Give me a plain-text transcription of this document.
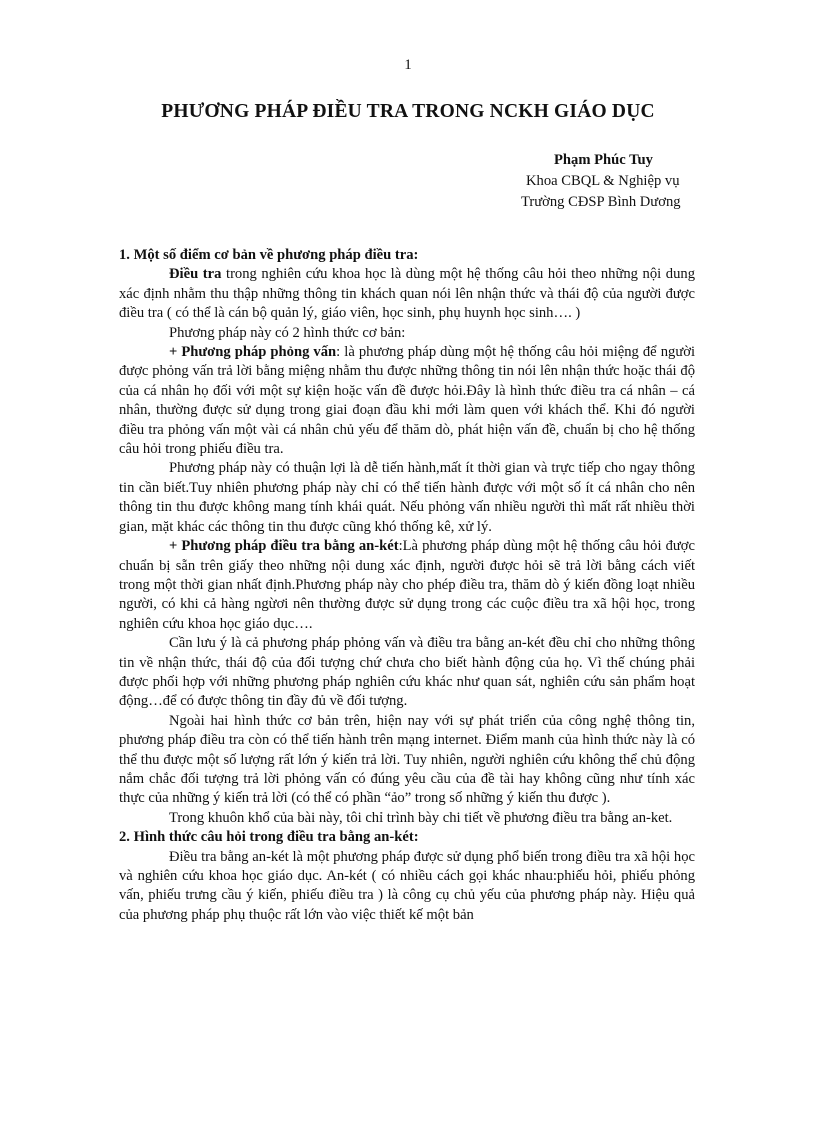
1
PHƯƠNG PHÁP ĐIỀU TRA TRONG NCKH GIÁO DỤC
Phạm Phúc Tuy
Khoa CBQL & Nghiệp vụ
Trường CĐSP Bình Dương

1. Một số điểm cơ bản về phương pháp điều tra:

Điều tra trong nghiên cứu khoa học là dùng một hệ thống câu hỏi theo những nội dung xác định nhằm thu thập những thông tin khách quan nói lên nhận thức và thái độ của người được điều tra ( có thể là cán bộ quản lý, giáo viên, học sinh, phụ huynh học sinh…. )

Phương pháp này có 2 hình thức cơ bản:

+ Phương pháp phỏng vấn: là phương pháp dùng một hệ thống câu hỏi miệng để người được phỏng vấn trả lời bằng miệng nhằm thu được những thông tin nói lên nhận thức hoặc thái độ của cá nhân họ đối với một sự kiện hoặc vấn đề được hỏi.Đây là hình thức điều tra cá nhân – cá nhân, thường được sử dụng trong giai đoạn đầu khi mới làm quen với khách thể. Khi đó người điều tra phỏng vấn một vài cá nhân chủ yếu để thăm dò, phát hiện vấn đề, chuẩn bị cho hệ thống câu hỏi trong phiếu điều tra.

Phương pháp này có thuận lợi là dễ tiến hành,mất ít thời gian và trực tiếp cho ngay thông tin cần biết.Tuy nhiên phương pháp này chỉ có thể tiến hành được với một số ít cá nhân cho nên thông tin thu được không mang tính khái quát. Nếu phỏng vấn nhiều người thì mất rất nhiều thời gian, mặt khác các thông tin thu được cũng khó thống kê, xử lý.

+ Phương pháp điều tra bằng an-két:Là phương pháp dùng một hệ thống câu hỏi được chuẩn bị sẵn trên giấy theo những nội dung xác định, người được hỏi sẽ trả lời bằng cách viết trong một thời gian nhất định.Phương pháp này cho phép điều tra, thăm dò ý kiến đồng loạt nhiều người, có khi cả hàng ngừơi nên thường được sử dụng trong các cuộc điều tra xã hội học, trong nghiên cứu khoa học giáo dục….

Cần lưu ý là cả phương pháp phỏng vấn và điều tra bằng an-két đều chỉ cho những thông tin về nhận thức, thái độ của đối tượng chứ chưa cho biết hành động của họ. Vì thế chúng phải được phối hợp với những phương pháp nghiên cứu khác như quan sát, nghiên cứu sản phẩm hoạt động…để có được thông tin đầy đủ về đối tượng.

Ngoài hai hình thức cơ bản trên, hiện nay với sự phát triển của công nghệ thông tin, phương pháp điều tra còn có thể tiến hành trên mạng internet. Điểm manh của hình thức này là có thể thu được một số lượng rất lớn ý kiến trả lời. Tuy nhiên, người nghiên cứu không thể chủ động nắm chắc đối tượng trả lời phỏng vấn có đúng yêu cầu của đề tài hay không cũng như tính xác thực của những ý kiến trả lời (có thể có phần “ảo” trong số những ý kiến thu được ).

Trong khuôn khổ của bài này, tôi chỉ trình bày chi tiết về phương điều tra bằng an-ket.

2. Hình thức câu hỏi trong điều tra bằng an-két:

Điều tra bằng an-két là một phương pháp được sử dụng phổ biến trong điều tra xã hội học và nghiên cứu khoa học giáo dục. An-két ( có nhiều cách gọi khác nhau:phiếu hỏi, phiếu phỏng vấn, phiếu trưng cầu ý kiến, phiếu điều tra ) là công cụ chủ yếu của phương pháp này. Hiệu quả của phương pháp phụ thuộc rất lớn vào việc thiết kế một bản
